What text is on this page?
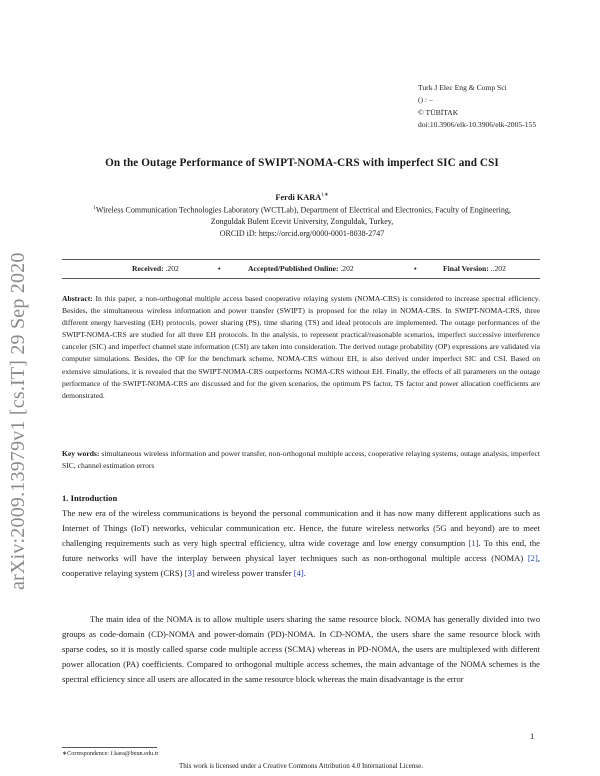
arXiv:2009.13979v1 [cs.IT] 29 Sep 2020
Turk J Elec Eng & Comp Sci
() : –
© TÜBİTAK
doi:10.3906/elk-10.3906/elk-2005-155
On the Outage Performance of SWIPT-NOMA-CRS with imperfect SIC and CSI
Ferdi $KARA^{1∗}$
$^1$Wireless Communication Technologies Laboratory (WCTLab), Department of Electrical and Electronics, Faculty of Engineering,
Zonguldak Bulent Ecevit University, Zonguldak, Turkey,
ORCID iD: https://orcid.org/0000-0001-8038-2747
Received: .202	•	Accepted/Published Online: .202	•	Final Version: ..202
Abstract: In this paper, a non-orthogonal multiple access based cooperative relaying system (NOMA-CRS) is considered to increase spectral efficiency. Besides, the simultaneous wireless information and power transfer (SWIPT) is proposed for the relay in NOMA-CRS. In SWIPT-NOMA-CRS, three different energy harvesting (EH) protocols, power sharing (PS), time sharing (TS) and ideal protocols are implemented. The outage performances of the SWIPT-NOMA-CRS are studied for all three EH protocols. In the analysis, to represent practical/reasonable scenarios, imperfect successive interference canceler (SIC) and imperfect channel state information (CSI) are taken into consideration. The derived outage probability (OP) expressions are validated via computer simulations. Besides, the OP for the benchmark scheme, NOMA-CRS without EH, is also derived under imperfect SIC and CSI. Based on extensive simulations, it is revealed that the SWIPT-NOMA-CRS outperforms NOMA-CRS without EH. Finally, the effects of all parameters on the outage performance of the SWIPT-NOMA-CRS are discussed and for the given scenarios, the optimum PS factor, TS factor and power allocation coefficients are demonstrated.
Key words: simultaneous wireless information and power transfer, non-orthogonal multiple access, cooperative relaying systems, outage analysis, imperfect SIC, channel estimation errors
1. Introduction
The new era of the wireless communications is beyond the personal communication and it has now many different applications such as Internet of Things (IoT) networks, vehicular communication etc. Hence, the future wireless networks (5G and beyond) are to meet challenging requirements such as very high spectral efficiency, ultra wide coverage and low energy consumption [1]. To this end, the future networks will have the interplay between physical layer techniques such as non-orthogonal multiple access (NOMA) [2], cooperative relaying system (CRS) [3] and wireless power transfer [4].
The main idea of the NOMA is to allow multiple users sharing the same resource block. NOMA has generally divided into two groups as code-domain (CD)-NOMA and power-domain (PD)-NOMA. In CD-NOMA, the users share the same resource block with sparse codes, so it is mostly called sparse code multiple access (SCMA) whereas in PD-NOMA, the users are multiplexed with different power allocation (PA) coefficients. Compared to orthogonal multiple access schemes, the main advantage of the NOMA schemes is the spectral efficiency since all users are allocated in the same resource block whereas the main disadvantage is the error
1
∗Correspondence: f.kara@beun.edu.tr
This work is licensed under a Creative Commons Attribution 4.0 International License.
